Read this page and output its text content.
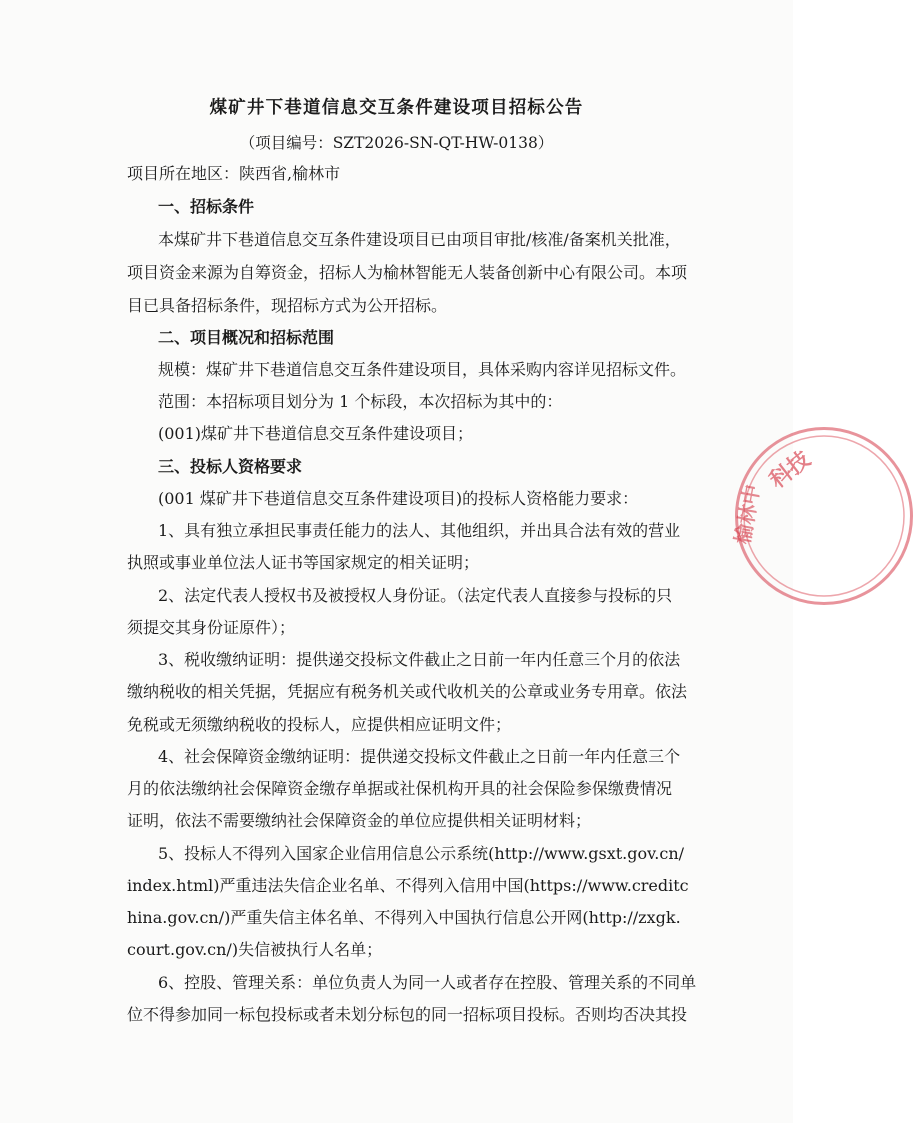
煤矿井下巷道信息交互条件建设项目招标公告
（项目编号：SZT2026-SN-QT-HW-0138）
项目所在地区：陕西省,榆林市
一、招标条件
本煤矿井下巷道信息交互条件建设项目已由项目审批/核准/备案机关批准，
项目资金来源为自筹资金，招标人为榆林智能无人装备创新中心有限公司。本项
目已具备招标条件，现招标方式为公开招标。
二、项目概况和招标范围
规模：煤矿井下巷道信息交互条件建设项目，具体采购内容详见招标文件。
范围：本招标项目划分为 1 个标段，本次招标为其中的：
(001)煤矿井下巷道信息交互条件建设项目；
三、投标人资格要求
(001 煤矿井下巷道信息交互条件建设项目)的投标人资格能力要求：
1、具有独立承担民事责任能力的法人、其他组织，并出具合法有效的营业
执照或事业单位法人证书等国家规定的相关证明；
2、法定代表人授权书及被授权人身份证。（法定代表人直接参与投标的只
须提交其身份证原件）；
3、税收缴纳证明：提供递交投标文件截止之日前一年内任意三个月的依法
缴纳税收的相关凭据，凭据应有税务机关或代收机关的公章或业务专用章。依法
免税或无须缴纳税收的投标人，应提供相应证明文件；
4、社会保障资金缴纳证明：提供递交投标文件截止之日前一年内任意三个
月的依法缴纳社会保障资金缴存单据或社保机构开具的社会保险参保缴费情况
证明，依法不需要缴纳社会保障资金的单位应提供相关证明材料；
5、投标人不得列入国家企业信用信息公示系统(http://www.gsxt.gov.cn/
index.html)严重违法失信企业名单、不得列入信用中国(https://www.creditc
hina.gov.cn/)严重失信主体名单、不得列入中国执行信息公开网(http://zxgk.
court.gov.cn/)失信被执行人名单；
6、控股、管理关系：单位负责人为同一人或者存在控股、管理关系的不同单
位不得参加同一标包投标或者未划分标包的同一招标项目投标。否则均否决其投
科技
榆林中
